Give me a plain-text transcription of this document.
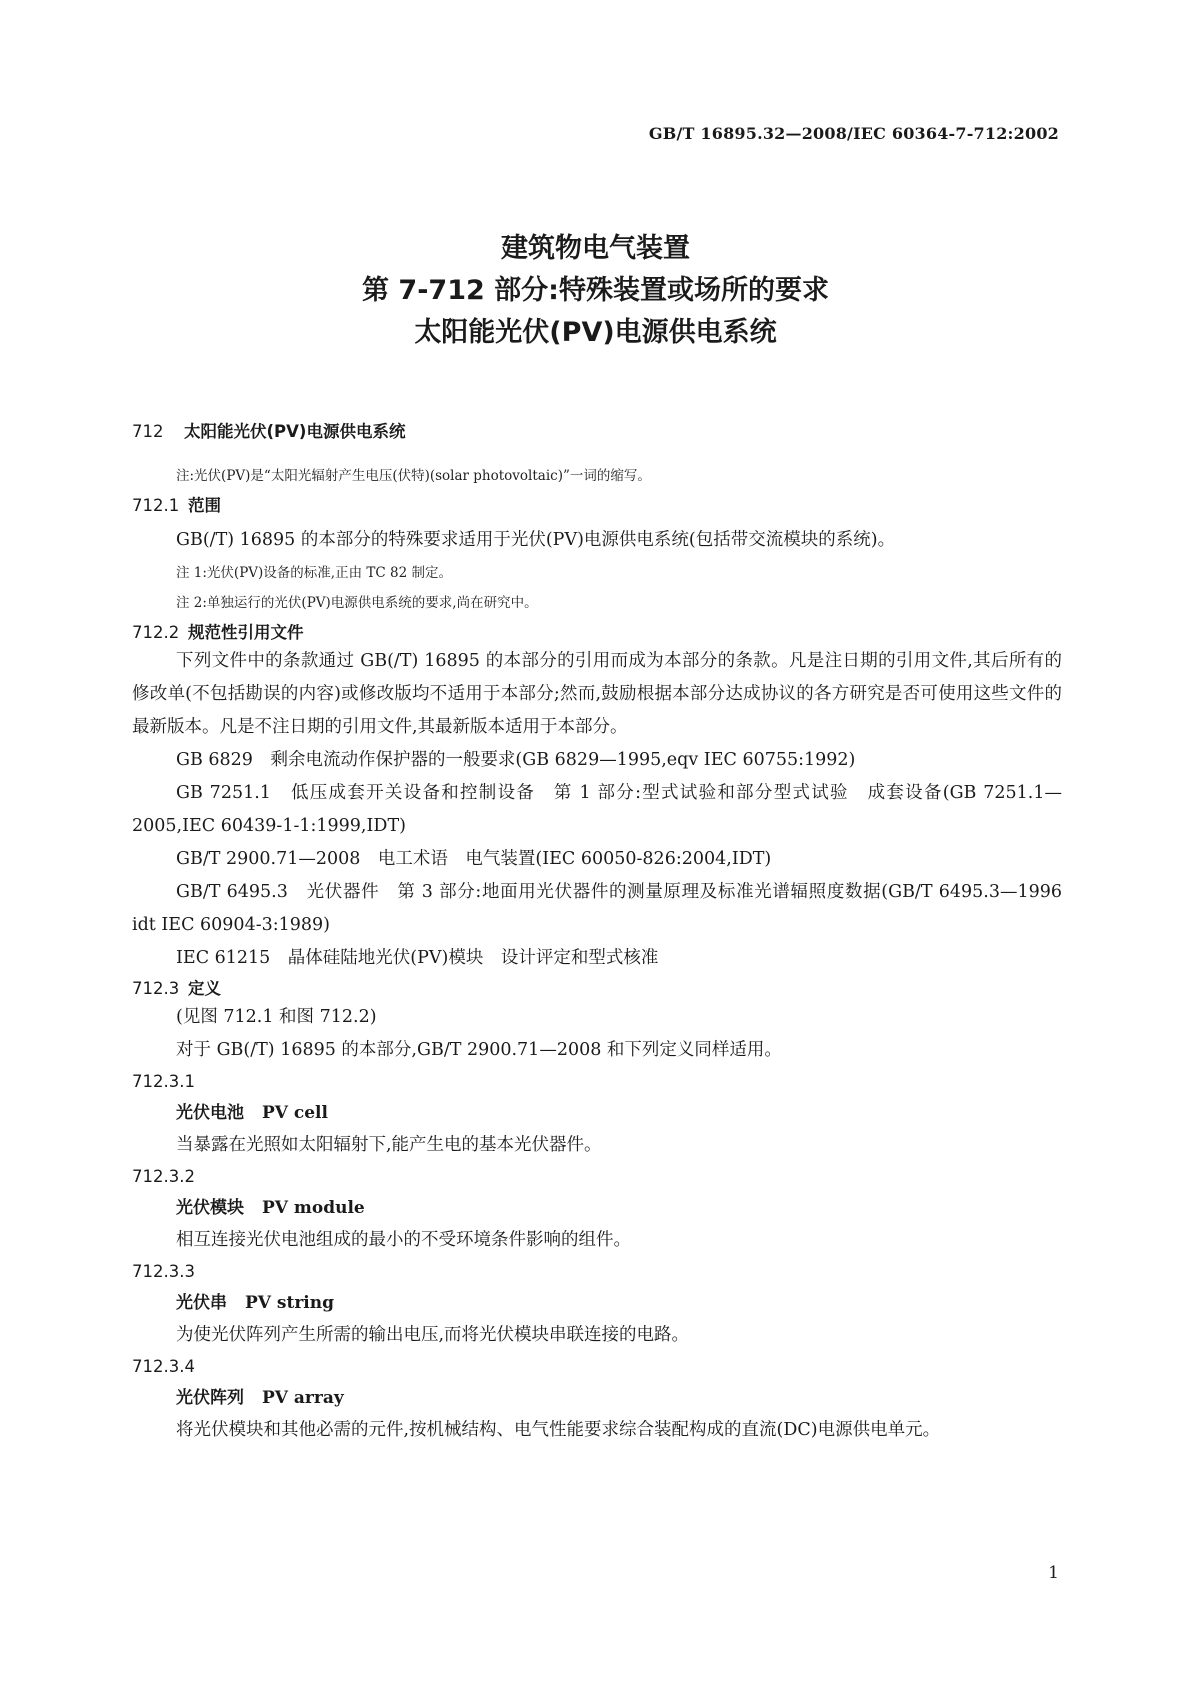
GB/T 16895.32—2008/IEC 60364-7-712:2002
建筑物电气装置
第 7-712 部分:特殊装置或场所的要求
太阳能光伏(PV)电源供电系统
712 太阳能光伏(PV)电源供电系统

注:光伏(PV)是“太阳光辐射产生电压(伏特)(solar photovoltaic)”一词的缩写。

712.1 范围

GB(/T) 16895 的本部分的特殊要求适用于光伏(PV)电源供电系统(包括带交流模块的系统)。

注 1:光伏(PV)设备的标准,正由 TC 82 制定。

注 2:单独运行的光伏(PV)电源供电系统的要求,尚在研究中。

712.2 规范性引用文件

下列文件中的条款通过 GB(/T) 16895 的本部分的引用而成为本部分的条款。凡是注日期的引用文件,其后所有的修改单(不包括勘误的内容)或修改版均不适用于本部分;然而,鼓励根据本部分达成协议的各方研究是否可使用这些文件的最新版本。凡是不注日期的引用文件,其最新版本适用于本部分。

GB 6829　剩余电流动作保护器的一般要求(GB 6829—1995,eqv IEC 60755:1992)

GB 7251.1　低压成套开关设备和控制设备　第 1 部分:型式试验和部分型式试验　成套设备(GB 7251.1—2005,IEC 60439-1-1:1999,IDT)

GB/T 2900.71—2008　电工术语　电气装置(IEC 60050-826:2004,IDT)

GB/T 6495.3　光伏器件　第 3 部分:地面用光伏器件的测量原理及标准光谱辐照度数据(GB/T 6495.3—1996 idt IEC 60904-3:1989)

IEC 61215　晶体硅陆地光伏(PV)模块　设计评定和型式核准

712.3 定义

(见图 712.1 和图 712.2)

对于 GB(/T) 16895 的本部分,GB/T 2900.71—2008 和下列定义同样适用。

712.3.1
光伏电池 PV cell

当暴露在光照如太阳辐射下,能产生电的基本光伏器件。

712.3.2
光伏模块 PV module

相互连接光伏电池组成的最小的不受环境条件影响的组件。

712.3.3
光伏串 PV string

为使光伏阵列产生所需的输出电压,而将光伏模块串联连接的电路。

712.3.4
光伏阵列 PV array

将光伏模块和其他必需的元件,按机械结构、电气性能要求综合装配构成的直流(DC)电源供电单元。

1
